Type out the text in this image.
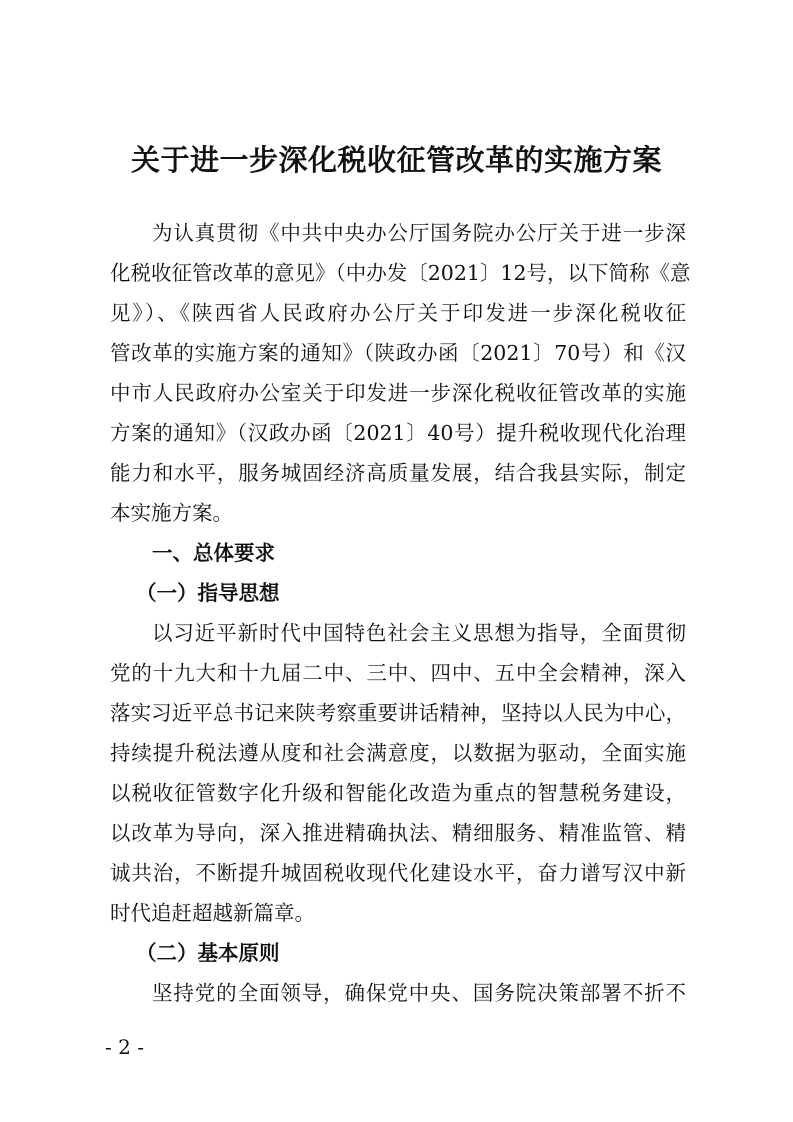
关于进一步深化税收征管改革的实施方案
为认真贯彻《中共中央办公厅国务院办公厅关于进一步深
化税收征管改革的意见》（中办发〔2021〕12号，以下简称《意
见》）、《陕西省人民政府办公厅关于印发进一步深化税收征
管改革的实施方案的通知》（陕政办函〔2021〕70号）和《汉
中市人民政府办公室关于印发进一步深化税收征管改革的实施
方案的通知》（汉政办函〔2021〕40号）提升税收现代化治理
能力和水平，服务城固经济高质量发展，结合我县实际，制定
本实施方案。
一、总体要求
（一）指导思想
以习近平新时代中国特色社会主义思想为指导，全面贯彻
党的十九大和十九届二中、三中、四中、五中全会精神，深入
落实习近平总书记来陕考察重要讲话精神，坚持以人民为中心，
持续提升税法遵从度和社会满意度，以数据为驱动，全面实施
以税收征管数字化升级和智能化改造为重点的智慧税务建设，
以改革为导向，深入推进精确执法、精细服务、精准监管、精
诚共治，不断提升城固税收现代化建设水平，奋力谱写汉中新
时代追赶超越新篇章。
（二）基本原则
坚持党的全面领导，确保党中央、国务院决策部署不折不
- 2 -
